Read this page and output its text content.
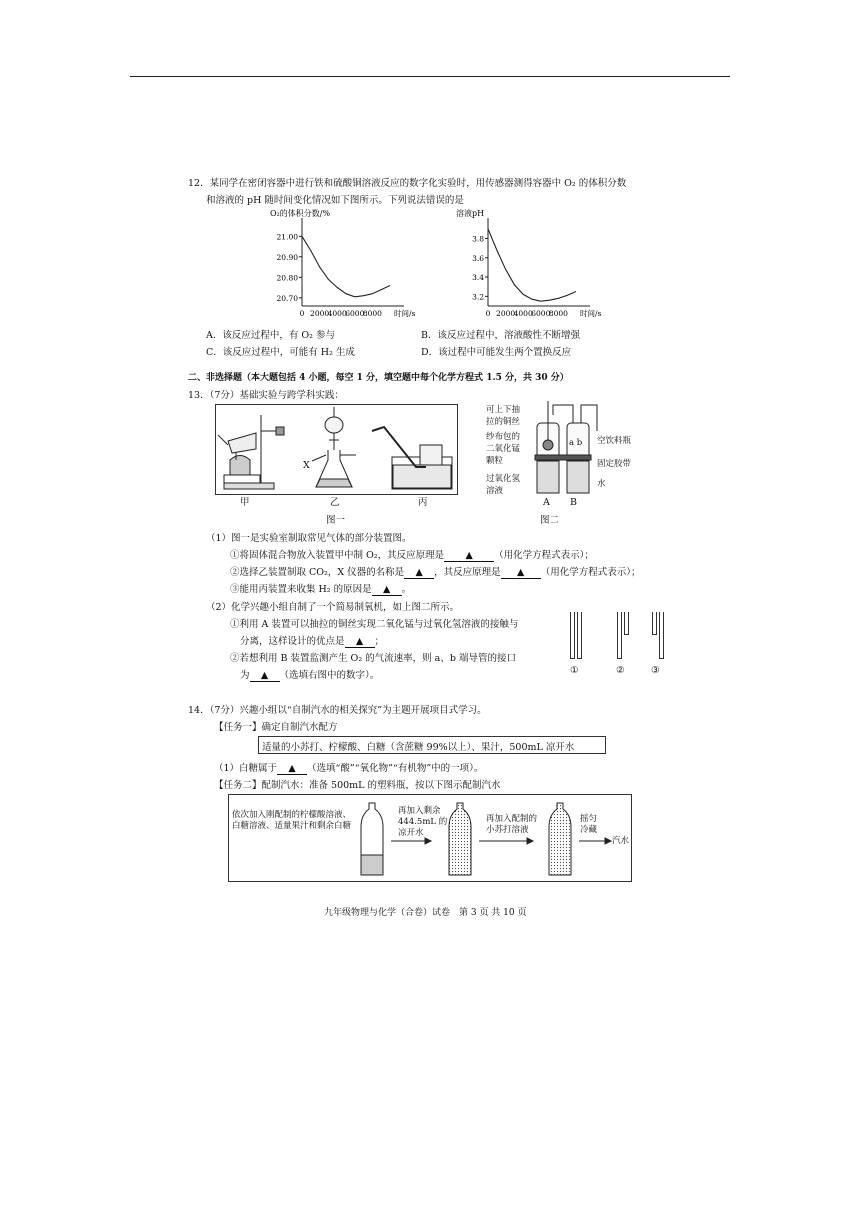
12．某同学在密闭容器中进行铁和硫酸铜溶液反应的数字化实验时，用传感器测得容器中 O₂ 的体积分数
和溶液的 pH 随时间变化情况如下图所示。下列说法错误的是
O₂的体积分数/%
21.00
20.90
20.80
20.70
0 2000
4000
6000
8000 时间/s
溶液pH
3.8
3.6
3.4
3.2
0 2000
4000
6000
8000 时间/s
A．该反应过程中，有 O₂ 参与	B．该反应过程中，溶液酸性不断增强
C．该反应过程中，可能有 H₂ 生成	D．该过程中可能发生两个置换反应
二、非选择题（本大题包括 4 小题，每空 1 分，填空题中每个化学方程式 1.5 分，共 30 分）
13．（7分）基础实验与跨学科实践：
甲	乙	丙
X
图一
可上下抽
拉的铜丝
纱布包的
二氧化锰
颗粒
过氧化氢
溶液
空饮料瓶
固定胶带
水
a b
A B
图二
（1）图一是实验室制取常见气体的部分装置图。
①将固体混合物放入装置甲中制 O₂，其反应原理是 ▲ （用化学方程式表示）；
②选择乙装置制取 CO₂，X 仪器的名称是 ▲ ，其反应原理是 ▲ （用化学方程式表示）；
③能用丙装置来收集 H₂ 的原因是 ▲ 。
（2）化学兴趣小组自制了一个简易制氧机，如上图二所示。
①利用 A 装置可以抽拉的铜丝实现二氧化锰与过氧化氢溶液的接触与
分离，这样设计的优点是 ▲ ；
②若想利用 B 装置监测产生 O₂ 的气流速率，则 a、b 端导管的接口
为 ▲ （选填右图中的数字）。	①	②	③
14．（7分）兴趣小组以“自制汽水的相关探究”为主题开展项目式学习。
【任务一】确定自制汽水配方
适量的小苏打、柠檬酸、白糖（含蔗糖 99%以上）、果汁，500mL 凉开水
（1）白糖属于 ▲ （选填“酸”“氧化物”“有机物”中的一项）。
【任务二】配制汽水：准备 500mL 的塑料瓶，按以下图示配制汽水
依次加入刚配制的柠檬酸溶液、
白糖溶液、适量果汁和剩余白糖
再加入剩余
444.5mL 的
凉开水
再加入配制的
小苏打溶液
摇匀
冷藏
汽水
九年级物理与化学（合卷）试卷　第 3 页 共 10 页
